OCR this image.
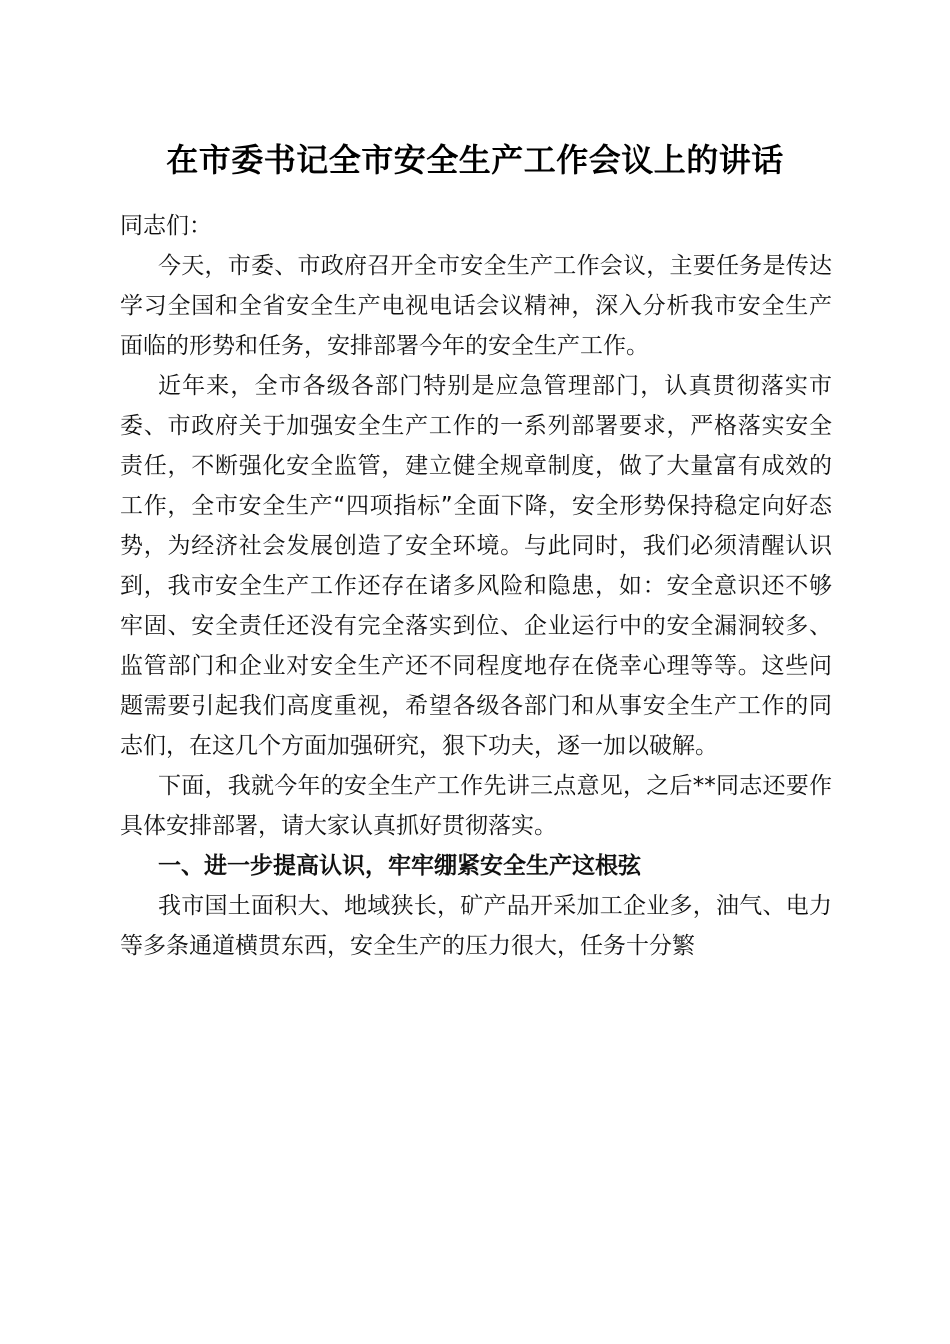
在市委书记全市安全生产工作会议上的讲话

同志们：

今天，市委、市政府召开全市安全生产工作会议，主要任务是传达学习全国和全省安全生产电视电话会议精神，深入分析我市安全生产面临的形势和任务，安排部署今年的安全生产工作。

近年来，全市各级各部门特别是应急管理部门，认真贯彻落实市委、市政府关于加强安全生产工作的一系列部署要求，严格落实安全责任，不断强化安全监管，建立健全规章制度，做了大量富有成效的工作，全市安全生产“四项指标”全面下降，安全形势保持稳定向好态势，为经济社会发展创造了安全环境。与此同时，我们必须清醒认识到，我市安全生产工作还存在诸多风险和隐患，如：安全意识还不够牢固、安全责任还没有完全落实到位、企业运行中的安全漏洞较多、监管部门和企业对安全生产还不同程度地存在侥幸心理等等。这些问题需要引起我们高度重视，希望各级各部门和从事安全生产工作的同志们，在这几个方面加强研究，狠下功夫，逐一加以破解。

下面，我就今年的安全生产工作先讲三点意见，之后**同志还要作具体安排部署，请大家认真抓好贯彻落实。

一、进一步提高认识，牢牢绷紧安全生产这根弦

我市国土面积大、地域狭长，矿产品开采加工企业多，油气、电力等多条通道横贯东西，安全生产的压力很大，任务十分繁
